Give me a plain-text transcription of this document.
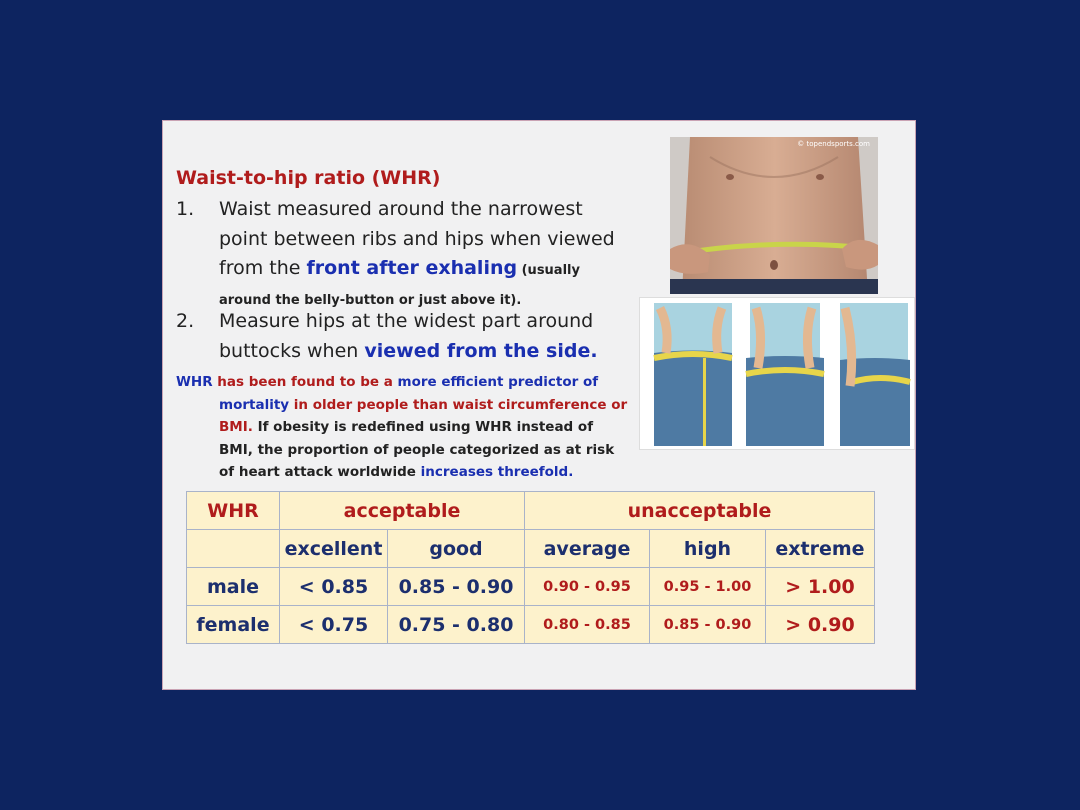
Waist-to-hip ratio (WHR)
1. Waist measured around the narrowest
point between ribs and hips when viewed
from the front after exhaling (usually
around the belly-button or just above it).
2. Measure hips at the widest part around
buttocks when viewed from the side.
WHR has been found to be a more efficient predictor of
mortality in older people than waist circumference or
BMI. If obesity is redefined using WHR instead of
BMI, the proportion of people categorized as at risk
of heart attack worldwide increases threefold.
© topendsports.com
WHR	acceptable		unacceptable		
	excellent	good	average	high	extreme
male	< 0.85	0.85 - 0.90	0.90 - 0.95	0.95 - 1.00	> 1.00
female	< 0.75	0.75 - 0.80	0.80 - 0.85	0.85 - 0.90	> 0.90
